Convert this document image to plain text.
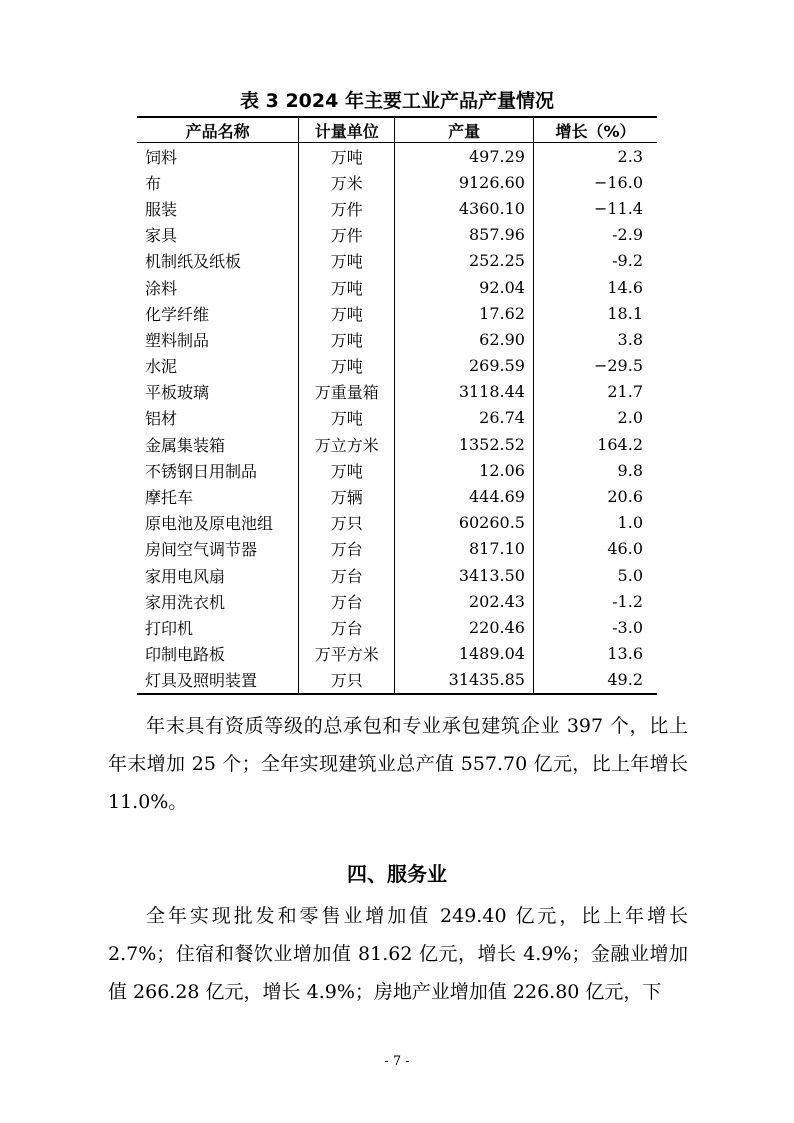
表 3 2024 年主要工业产品产量情况
产品名称	计量单位	产量	增长（%）
饲料	万吨	497.29	2.3
布	万米	9126.60	−16.0
服装	万件	4360.10	−11.4
家具	万件	857.96	-2.9
机制纸及纸板	万吨	252.25	-9.2
涂料	万吨	92.04	14.6
化学纤维	万吨	17.62	18.1
塑料制品	万吨	62.90	3.8
水泥	万吨	269.59	−29.5
平板玻璃	万重量箱	3118.44	21.7
铝材	万吨	26.74	2.0
金属集装箱	万立方米	1352.52	164.2
不锈钢日用制品	万吨	12.06	9.8
摩托车	万辆	444.69	20.6
原电池及原电池组	万只	60260.5	1.0
房间空气调节器	万台	817.10	46.0
家用电风扇	万台	3413.50	5.0
家用洗衣机	万台	202.43	-1.2
打印机	万台	220.46	-3.0
印制电路板	万平方米	1489.04	13.6
灯具及照明装置	万只	31435.85	49.2

年末具有资质等级的总承包和专业承包建筑企业 397 个，比上年末增加 25 个；全年实现建筑业总产值 557.70 亿元，比上年增长 11.0%。

四、服务业

全年实现批发和零售业增加值 249.40 亿元，比上年增长 2.7%；住宿和餐饮业增加值 81.62 亿元，增长 4.9%；金融业增加值 266.28 亿元，增长 4.9%；房地产业增加值 226.80 亿元，下

- 7 -
